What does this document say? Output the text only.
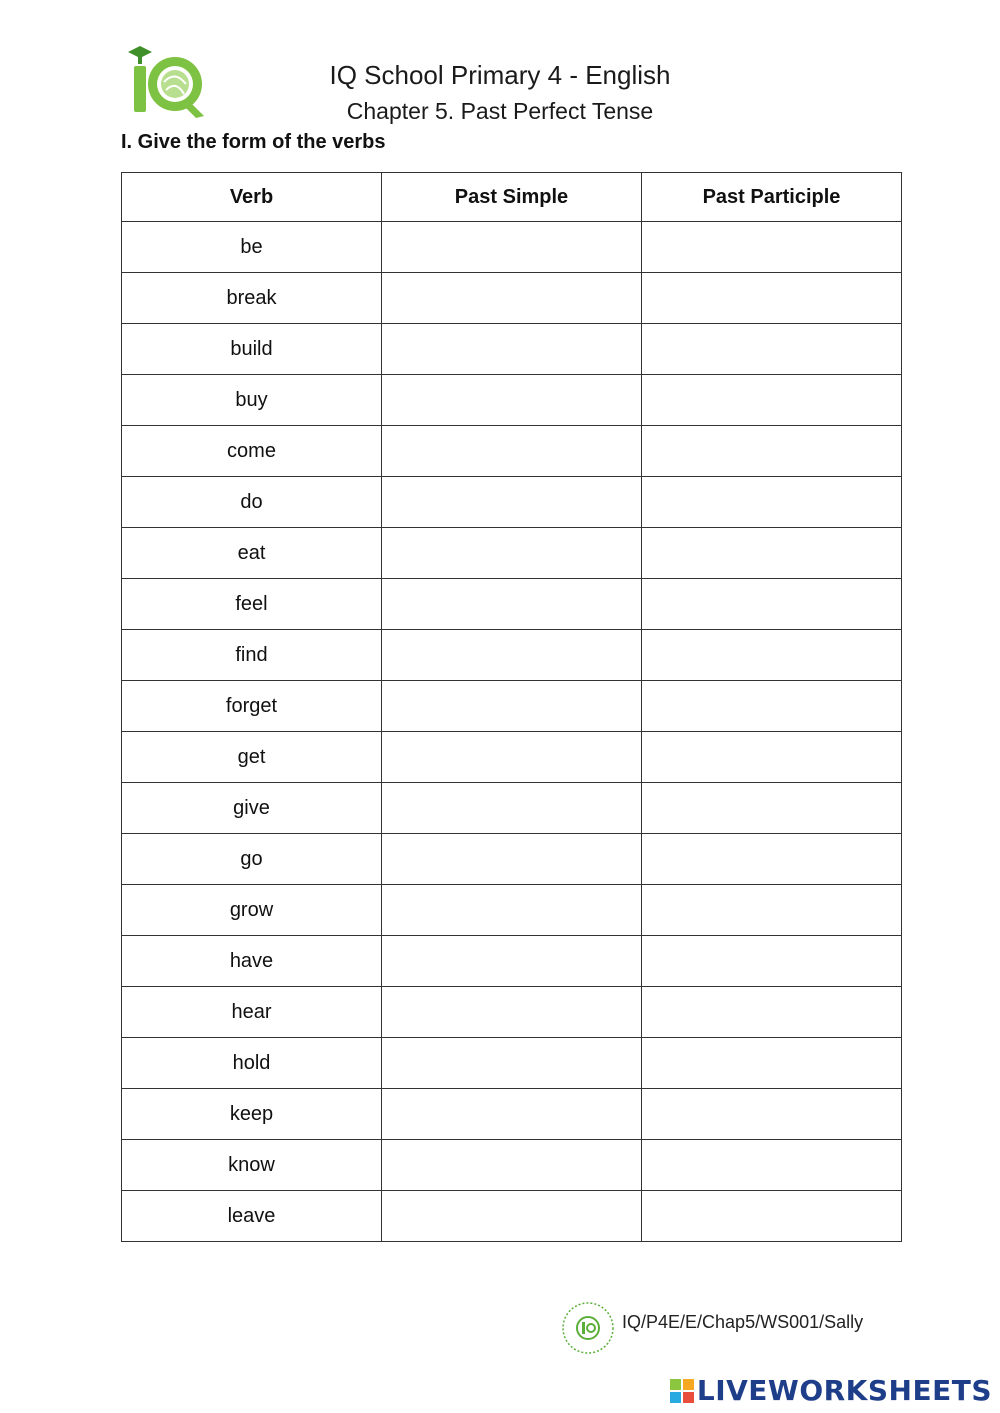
IQ School Primary 4 - English
Chapter 5. Past Perfect Tense
I. Give the form of the verbs
Verb	Past Simple	Past Participle
be		
break		
build		
buy		
come		
do		
eat		
feel		
find		
forget		
get		
give		
go		
grow		
have		
hear		
hold		
keep		
know		
leave		
IQ/P4E/E/Chap5/WS001/Sally
LIVEWORKSHEETS
